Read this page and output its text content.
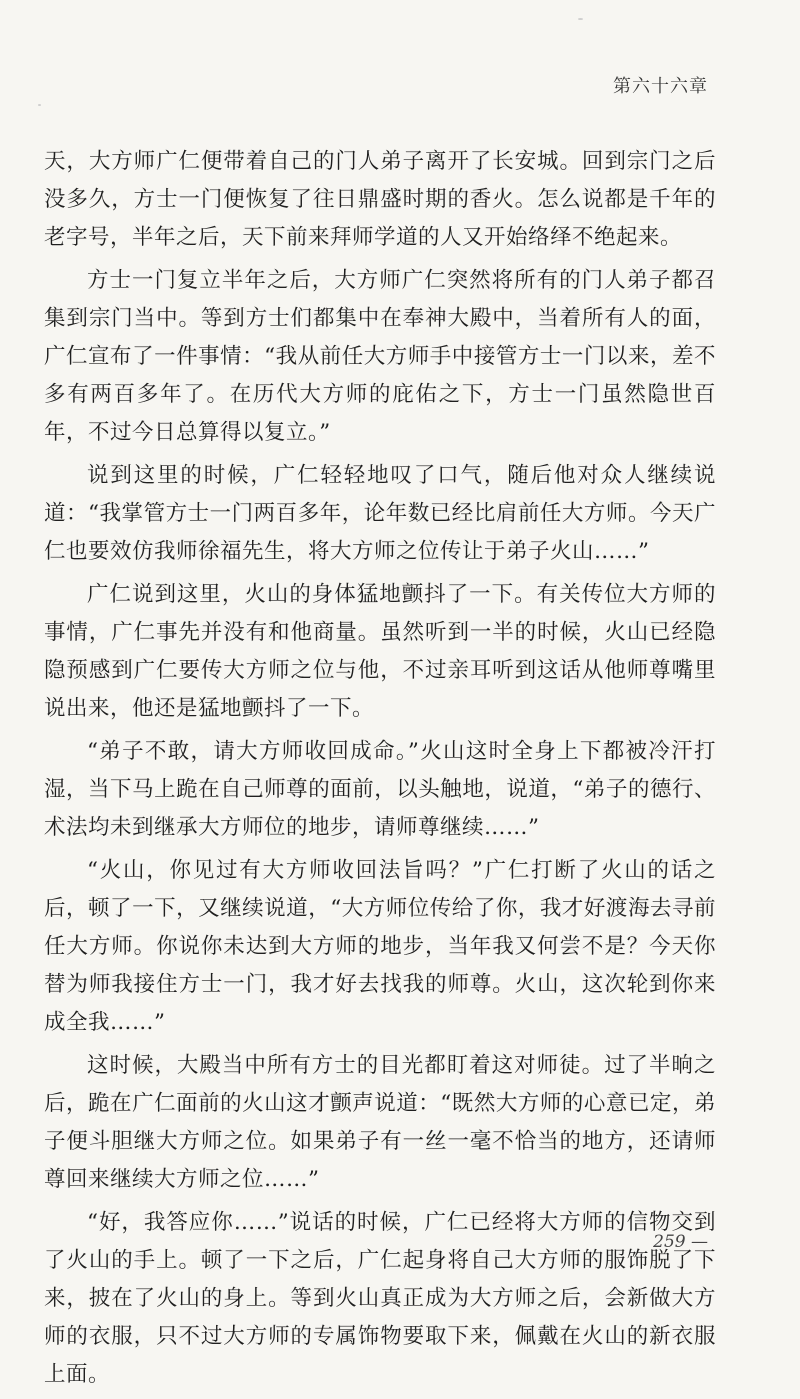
第六十六章

天，大方师广仁便带着自己的门人弟子离开了长安城。回到宗门之后没多久，方士一门便恢复了往日鼎盛时期的香火。怎么说都是千年的老字号，半年之后，天下前来拜师学道的人又开始络绎不绝起来。

方士一门复立半年之后，大方师广仁突然将所有的门人弟子都召集到宗门当中。等到方士们都集中在奉神大殿中，当着所有人的面，广仁宣布了一件事情：“我从前任大方师手中接管方士一门以来，差不多有两百多年了。在历代大方师的庇佑之下，方士一门虽然隐世百年，不过今日总算得以复立。”

说到这里的时候，广仁轻轻地叹了口气，随后他对众人继续说道：“我掌管方士一门两百多年，论年数已经比肩前任大方师。今天广仁也要效仿我师徐福先生，将大方师之位传让于弟子火山……”

广仁说到这里，火山的身体猛地颤抖了一下。有关传位大方师的事情，广仁事先并没有和他商量。虽然听到一半的时候，火山已经隐隐预感到广仁要传大方师之位与他，不过亲耳听到这话从他师尊嘴里说出来，他还是猛地颤抖了一下。

“弟子不敢，请大方师收回成命。”火山这时全身上下都被冷汗打湿，当下马上跪在自己师尊的面前，以头触地，说道，“弟子的德行、术法均未到继承大方师位的地步，请师尊继续……”

“火山，你见过有大方师收回法旨吗？”广仁打断了火山的话之后，顿了一下，又继续说道，“大方师位传给了你，我才好渡海去寻前任大方师。你说你未达到大方师的地步，当年我又何尝不是？今天你替为师我接住方士一门，我才好去找我的师尊。火山，这次轮到你来成全我……”

这时候，大殿当中所有方士的目光都盯着这对师徒。过了半晌之后，跪在广仁面前的火山这才颤声说道：“既然大方师的心意已定，弟子便斗胆继大方师之位。如果弟子有一丝一毫不恰当的地方，还请师尊回来继续大方师之位……”

“好，我答应你……”说话的时候，广仁已经将大方师的信物交到了火山的手上。顿了一下之后，广仁起身将自己大方师的服饰脱了下来，披在了火山的身上。等到火山真正成为大方师之后，会新做大方师的衣服，只不过大方师的专属饰物要取下来，佩戴在火山的新衣服上面。

259 —
